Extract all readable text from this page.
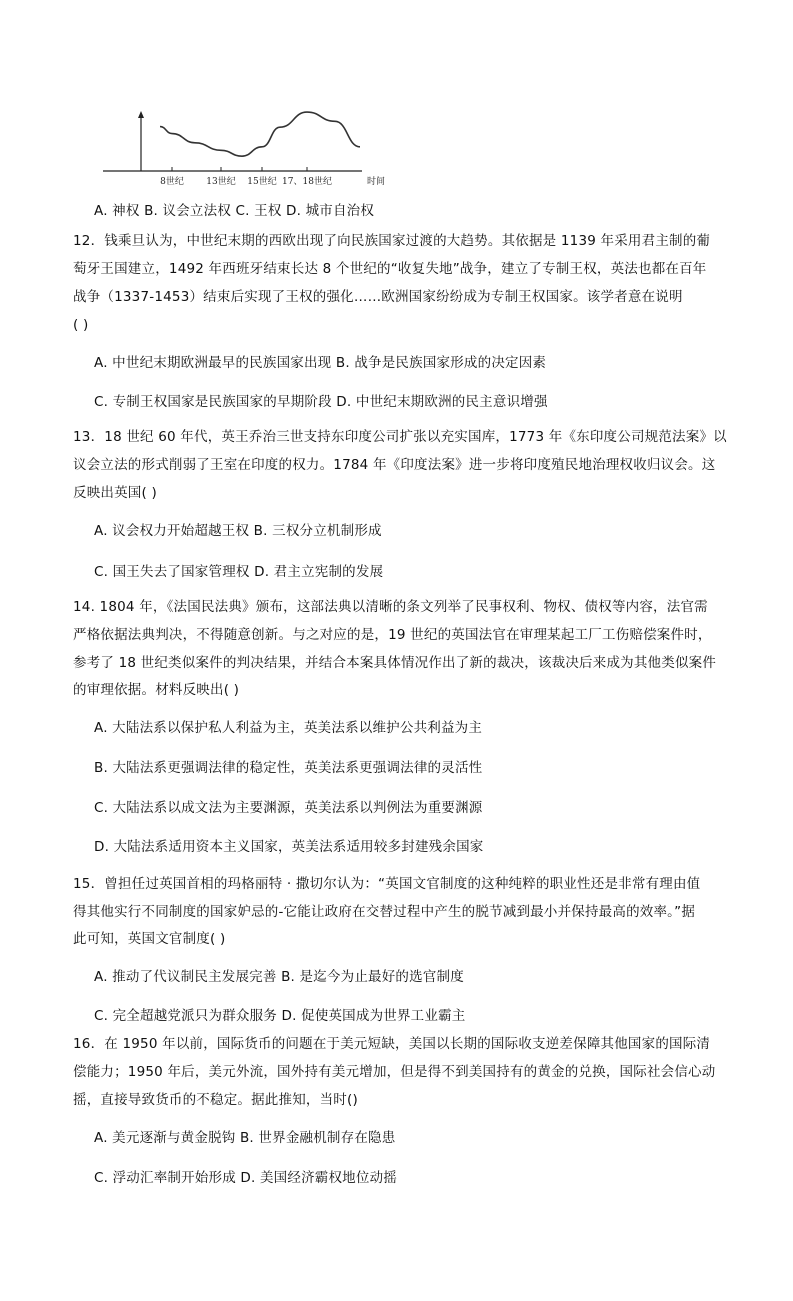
8世纪 13世纪 15世纪 17、18世纪	时间
A. 神权 B. 议会立法权 C. 王权 D. 城市自治权
12．钱乘旦认为，中世纪末期的西欧出现了向民族国家过渡的大趋势。其依据是 1139 年采用君主制的葡
萄牙王国建立，1492 年西班牙结束长达 8 个世纪的“收复失地”战争，建立了专制王权，英法也都在百年
战争（1337-1453）结束后实现了王权的强化……欧洲国家纷纷成为专制王权国家。该学者意在说明
( )
A. 中世纪末期欧洲最早的民族国家出现 B. 战争是民族国家形成的决定因素
C. 专制王权国家是民族国家的早期阶段 D. 中世纪末期欧洲的民主意识增强
13．18 世纪 60 年代，英王乔治三世支持东印度公司扩张以充实国库，1773 年《东印度公司规范法案》以
议会立法的形式削弱了王室在印度的权力。1784 年《印度法案》进一步将印度殖民地治理权收归议会。这
反映出英国( )
A. 议会权力开始超越王权 B. 三权分立机制形成
C. 国王失去了国家管理权 D. 君主立宪制的发展
14. 1804 年，《法国民法典》颁布，这部法典以清晰的条文列举了民事权利、物权、债权等内容，法官需
严格依据法典判决，不得随意创新。与之对应的是，19 世纪的英国法官在审理某起工厂工伤赔偿案件时，
参考了 18 世纪类似案件的判决结果，并结合本案具体情况作出了新的裁决，该裁决后来成为其他类似案件
的审理依据。材料反映出( )
A. 大陆法系以保护私人利益为主，英美法系以维护公共利益为主
B. 大陆法系更强调法律的稳定性，英美法系更强调法律的灵活性
C. 大陆法系以成文法为主要渊源，英美法系以判例法为重要渊源
D. 大陆法系适用资本主义国家，英美法系适用较多封建残余国家
15．曾担任过英国首相的玛格丽特 · 撒切尔认为：“英国文官制度的这种纯粹的职业性还是非常有理由值
得其他实行不同制度的国家妒忌的-它能让政府在交替过程中产生的脱节减到最小并保持最高的效率。”据
此可知，英国文官制度( )
A. 推动了代议制民主发展完善 B. 是迄今为止最好的选官制度
C. 完全超越党派只为群众服务 D. 促使英国成为世界工业霸主
16．在 1950 年以前，国际货币的问题在于美元短缺，美国以长期的国际收支逆差保障其他国家的国际清
偿能力；1950 年后，美元外流，国外持有美元增加，但是得不到美国持有的黄金的兑换，国际社会信心动
摇，直接导致货币的不稳定。据此推知，当时()
A. 美元逐渐与黄金脱钩 B. 世界金融机制存在隐患
C. 浮动汇率制开始形成 D. 美国经济霸权地位动摇
